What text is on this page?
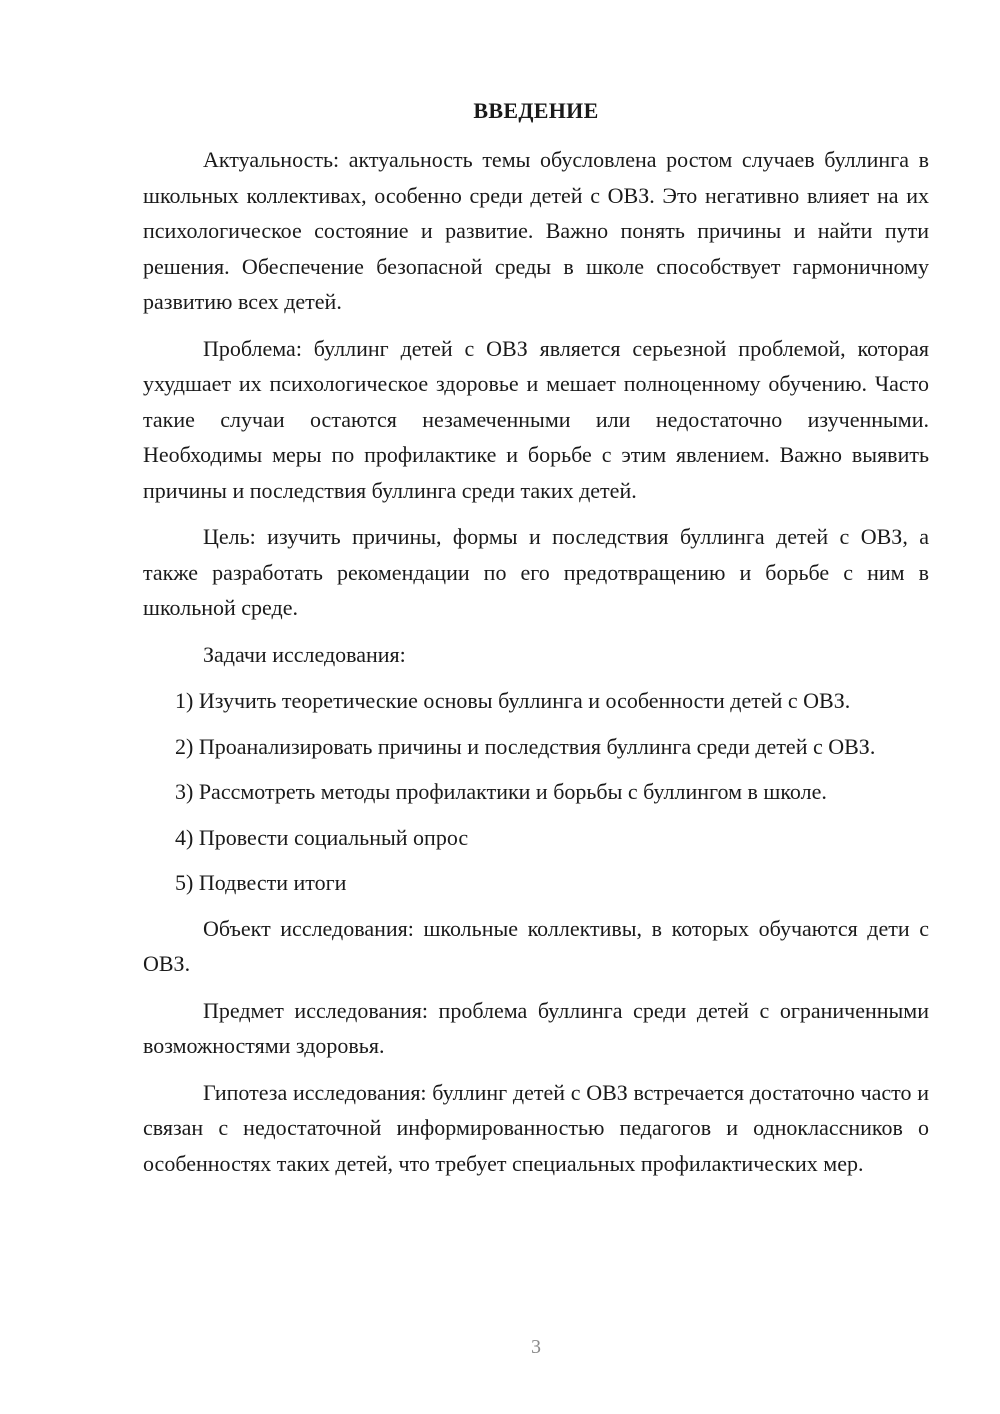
ВВЕДЕНИЕ

Актуальность: актуальность темы обусловлена ростом случаев буллинга в школьных коллективах, особенно среди детей с ОВЗ. Это негативно влияет на их психологическое состояние и развитие. Важно понять причины и найти пути решения. Обеспечение безопасной среды в школе способствует гармоничному развитию всех детей.

Проблема: буллинг детей с ОВЗ является серьезной проблемой, которая ухудшает их психологическое здоровье и мешает полноценному обучению. Часто такие случаи остаются незамеченными или недостаточно изученными. Необходимы меры по профилактике и борьбе с этим явлением. Важно выявить причины и последствия буллинга среди таких детей.

Цель: изучить причины, формы и последствия буллинга детей с ОВЗ, а также разработать рекомендации по его предотвращению и борьбе с ним в школьной среде.

Задачи исследования:

1) Изучить теоретические основы буллинга и особенности детей с ОВЗ.

2) Проанализировать причины и последствия буллинга среди детей с ОВЗ.

3) Рассмотреть методы профилактики и борьбы с буллингом в школе.

4) Провести социальный опрос

5) Подвести итоги

Объект исследования: школьные коллективы, в которых обучаются дети с ОВЗ.

Предмет исследования: проблема буллинга среди детей с ограниченными возможностями здоровья.

Гипотеза исследования: буллинг детей с ОВЗ встречается достаточно часто и связан с недостаточной информированностью педагогов и одноклассников о особенностях таких детей, что требует специальных профилактических мер.

3
